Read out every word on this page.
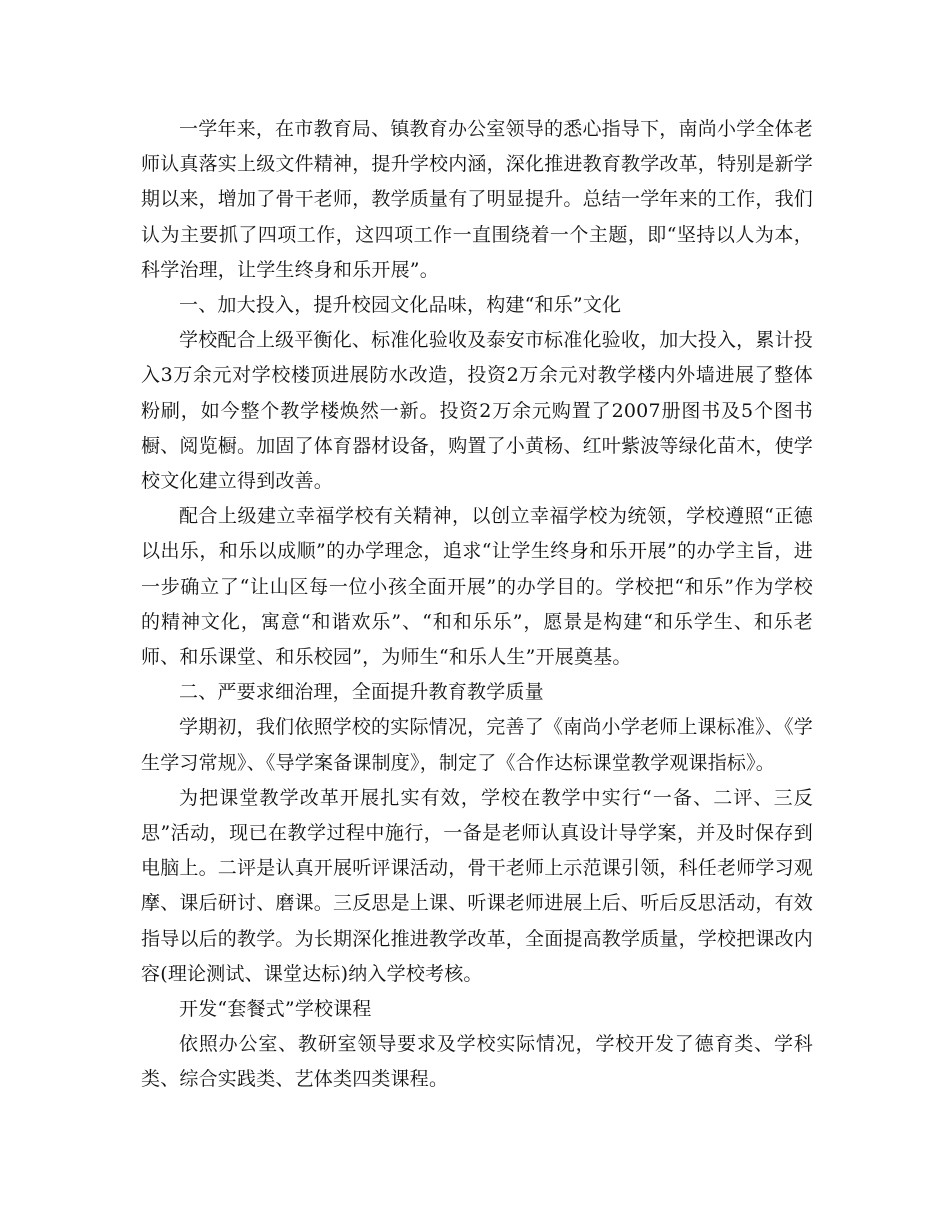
一学年来，在市教育局、镇教育办公室领导的悉心指导下，南尚小学全体老师认真落实上级文件精神，提升学校内涵，深化推进教育教学改革，特别是新学期以来，增加了骨干老师，教学质量有了明显提升。总结一学年来的工作，我们认为主要抓了四项工作，这四项工作一直围绕着一个主题，即“坚持以人为本，科学治理，让学生终身和乐开展”。

一、加大投入，提升校园文化品味，构建“和乐”文化

学校配合上级平衡化、标准化验收及泰安市标准化验收，加大投入，累计投入3万余元对学校楼顶进展防水改造，投资2万余元对教学楼内外墙进展了整体粉刷，如今整个教学楼焕然一新。投资2万余元购置了2007册图书及5个图书橱、阅览橱。加固了体育器材设备，购置了小黄杨、红叶紫波等绿化苗木，使学校文化建立得到改善。

配合上级建立幸福学校有关精神，以创立幸福学校为统领，学校遵照“正德以出乐，和乐以成顺”的办学理念，追求“让学生终身和乐开展”的办学主旨，进一步确立了“让山区每一位小孩全面开展”的办学目的。学校把“和乐”作为学校的精神文化，寓意“和谐欢乐”、“和和乐乐”，愿景是构建“和乐学生、和乐老师、和乐课堂、和乐校园”，为师生“和乐人生”开展奠基。

二、严要求细治理，全面提升教育教学质量

学期初，我们依照学校的实际情况，完善了《南尚小学老师上课标准》、《学生学习常规》、《导学案备课制度》，制定了《合作达标课堂教学观课指标》。

为把课堂教学改革开展扎实有效，学校在教学中实行“一备、二评、三反思”活动，现已在教学过程中施行，一备是老师认真设计导学案，并及时保存到电脑上。二评是认真开展听评课活动，骨干老师上示范课引领，科任老师学习观摩、课后研讨、磨课。三反思是上课、听课老师进展上后、听后反思活动，有效指导以后的教学。为长期深化推进教学改革，全面提高教学质量，学校把课改内容(理论测试、课堂达标)纳入学校考核。

开发“套餐式”学校课程

依照办公室、教研室领导要求及学校实际情况，学校开发了德育类、学科类、综合实践类、艺体类四类课程。
